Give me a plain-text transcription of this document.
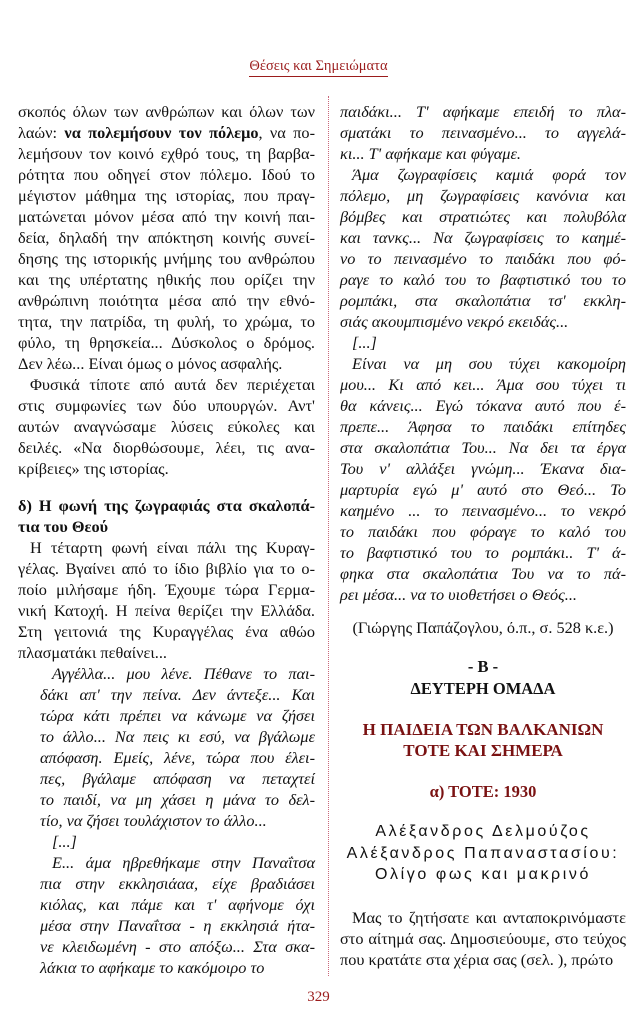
Θέσεις και Σημειώματα
σκοπός όλων των ανθρώπων και όλων των
λαών: να πολεμήσουν τον πόλεμο, να πο-
λεμήσουν τον κοινό εχθρό τους, τη βαρβα-
ρότητα που οδηγεί στον πόλεμο. Ιδού το
μέγιστον μάθημα της ιστορίας, που πραγ-
ματώνεται μόνον μέσα από την κοινή παι-
δεία, δηλαδή την απόκτηση κοινής συνεί-
δησης της ιστορικής μνήμης του ανθρώπου
και της υπέρτατης ηθικής που ορίζει την
ανθρώπινη ποιότητα μέσα από την εθνό-
τητα, την πατρίδα, τη φυλή, το χρώμα, το
φύλο, τη θρησκεία... Δύσκολος ο δρόμος.
Δεν λέω... Είναι όμως ο μόνος ασφαλής.
Φυσικά τίποτε από αυτά δεν περιέχεται
στις συμφωνίες των δύο υπουργών. Αντ'
αυτών αναγνώσαμε λύσεις εύκολες και
δειλές. «Να διορθώσουμε, λέει, τις ανα-
κρίβειες» της ιστορίας.
δ) Η φωνή της ζωγραφιάς στα σκαλοπά-
τια του Θεού
Η τέταρτη φωνή είναι πάλι της Κυραγ-
γέλας. Βγαίνει από το ίδιο βιβλίο για το ο-
ποίο μιλήσαμε ήδη. Έχουμε τώρα Γερμα-
νική Κατοχή. Η πείνα θερίζει την Ελλάδα.
Στη γειτονιά της Κυραγγέλας ένα αθώο
πλασματάκι πεθαίνει...
Αγγέλλα... μου λένε. Πέθανε το παι-
δάκι απ' την πείνα. Δεν άντεξε... Και
τώρα κάτι πρέπει να κάνωμε να ζήσει
το άλλο... Να πεις κι εσύ, να βγάλωμε
απόφαση. Εμείς, λένε, τώρα που έλει-
πες, βγάλαμε απόφαση να πεταχτεί
το παιδί, να μη χάσει η μάνα το δελ-
τίο, να ζήσει τουλάχιστον το άλλο...
[...]
Ε... άμα ηβρεθήκαμε στην Παναΐτσα
πια στην εκκλησιάαα, είχε βραδιάσει
κιόλας, και πάμε και τ' αφήνομε όχι
μέσα στην Παναΐτσα - η εκκλησιά ήτα-
νε κλειδωμένη - στο απόξω... Στα σκα-
λάκια το αφήκαμε το κακόμοιρο το
παιδάκι... Τ' αφήκαμε επειδή το πλα-
σματάκι το πεινασμένο... το αγγελά-
κι... Τ' αφήκαμε και φύγαμε.
Άμα ζωγραφίσεις καμιά φορά τον
πόλεμο, μη ζωγραφίσεις κανόνια και
βόμβες και στρατιώτες και πολυβόλα
και τανκς... Να ζωγραφίσεις το καημέ-
νο το πεινασμένο το παιδάκι που φό-
ραγε το καλό του το βαφτιστικό του το
ρομπάκι, στα σκαλοπάτια τσ' εκκλη-
σιάς ακουμπισμένο νεκρό εκειδάς...
[...]
Είναι να μη σου τύχει κακομοίρη
μου... Κι από κει... Άμα σου τύχει τι
θα κάνεις... Εγώ τόκανα αυτό που έ-
πρεπε... Άφησα το παιδάκι επίτηδες
στα σκαλοπάτια Του... Να δει τα έργα
Του ν' αλλάξει γνώμη... Έκανα δια-
μαρτυρία εγώ μ' αυτό στο Θεό... Το
καημένο ... το πεινασμένο... το νεκρό
το παιδάκι που φόραγε το καλό του
το βαφτιστικό του το ρομπάκι.. Τ' ά-
φηκα στα σκαλοπάτια Του να το πά-
ρει μέσα... να το υιοθετήσει ο Θεός...
(Γιώργης Παπάζογλου, ό.π., σ. 528 κ.ε.)
- B -
ΔΕΥΤΕΡΗ ΟΜΑΔΑ
Η ΠΑΙΔΕΙΑ ΤΩΝ ΒΑΛΚΑΝΙΩΝ
ΤΟΤΕ ΚΑΙ ΣΗΜΕΡΑ
α) ΤΟΤΕ: 1930
Αλέξανδρος Δελμούζος
Αλέξανδρος Παπαναστασίου:
Ολίγο φως και μακρινό
Μας το ζητήσατε και ανταποκρινόμαστε
στο αίτημά σας. Δημοσιεύουμε, στο τεύχος
που κρατάτε στα χέρια σας (σελ. ), πρώτο
329
